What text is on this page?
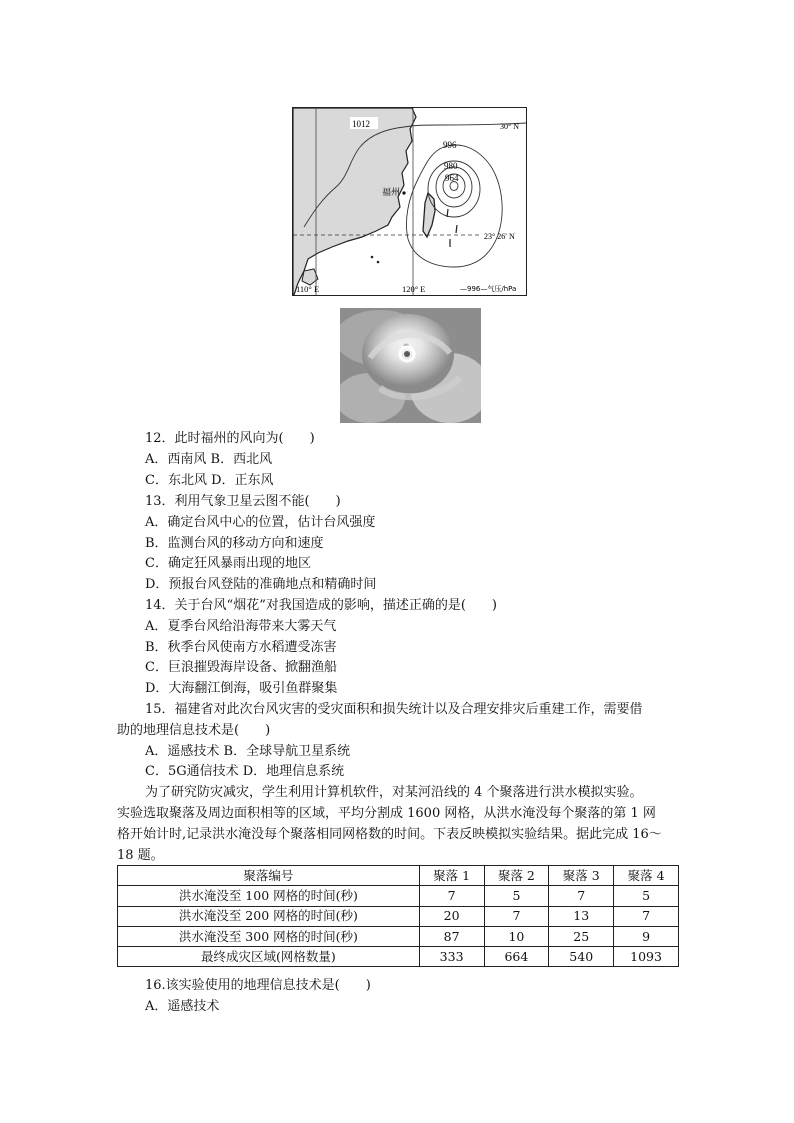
1012
996
980
964
30° N
23° 26′ N
福州
110° E	120° E	—996—气压/hPa
12．此时福州的风向为(　　)
A．西南风 B．西北风
C．东北风 D．正东风
13．利用气象卫星云图不能(　　)
A．确定台风中心的位置，估计台风强度
B．监测台风的移动方向和速度
C．确定狂风暴雨出现的地区
D．预报台风登陆的准确地点和精确时间
14．关于台风“烟花”对我国造成的影响，描述正确的是(　　)
A．夏季台风给沿海带来大雾天气
B．秋季台风使南方水稻遭受冻害
C．巨浪摧毁海岸设备、掀翻渔船
D．大海翻江倒海，吸引鱼群聚集
15．福建省对此次台风灾害的受灾面积和损失统计以及合理安排灾后重建工作，需要借
助的地理信息技术是(　　)
A．遥感技术 B．全球导航卫星系统
C．5G通信技术 D．地理信息系统
为了研究防灾减灾，学生利用计算机软件，对某河沿线的 4 个聚落进行洪水模拟实验。
实验选取聚落及周边面积相等的区域，平均分割成 1600 网格，从洪水淹没每个聚落的第 1 网
格开始计时,记录洪水淹没每个聚落相同网格数的时间。下表反映模拟实验结果。据此完成 16～
18 题。
聚落编号	聚落 1	聚落 2	聚落 3	聚落 4
洪水淹没至 100 网格的时间(秒)	7	5	7	5
洪水淹没至 200 网格的时间(秒)	20	7	13	7
洪水淹没至 300 网格的时间(秒)	87	10	25	9
最终成灾区域(网格数量)	333	664	540	1093
16.该实验使用的地理信息技术是(　　)
A．遥感技术
